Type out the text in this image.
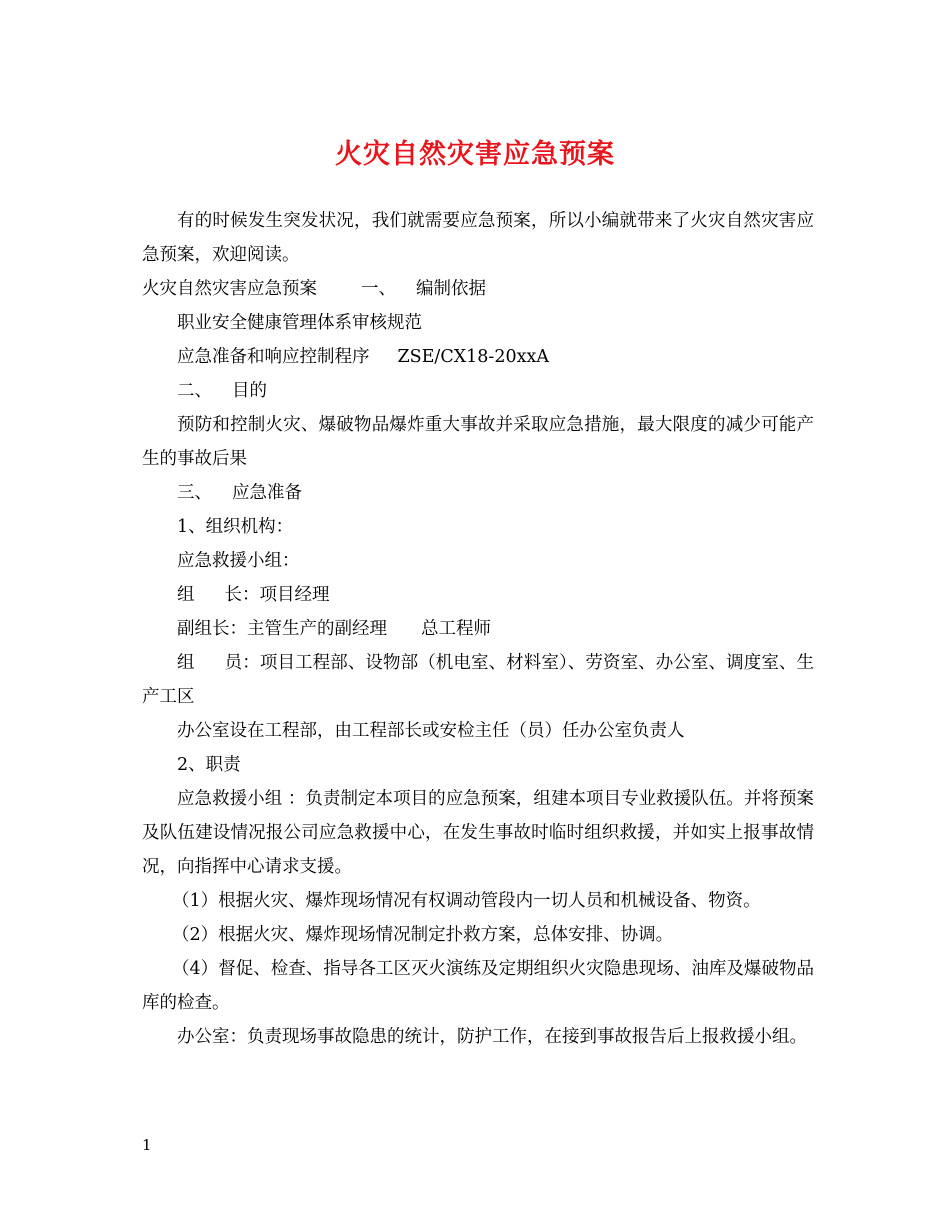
火灾自然灾害应急预案

有的时候发生突发状况，我们就需要应急预案，所以小编就带来了火灾自然灾害应急预案，欢迎阅读。

火灾自然灾害应急预案	一、 编制依据

职业安全健康管理体系审核规范

应急准备和响应控制程序 ZSE/CX18-20xxA

二、 目的

预防和控制火灾、爆破物品爆炸重大事故并采取应急措施，最大限度的减少可能产生的事故后果

三、 应急准备

1、组织机构：

应急救援小组：

组 长：项目经理

副组长：主管生产的副经理 总工程师

组 员：项目工程部、设物部（机电室、材料室）、劳资室、办公室、调度室、生产工区

办公室设在工程部，由工程部长或安检主任（员）任办公室负责人

2、职责

应急救援小组 ：负责制定本项目的应急预案，组建本项目专业救援队伍。并将预案及队伍建设情况报公司应急救援中心，在发生事故时临时组织救援，并如实上报事故情况，向指挥中心请求支援。

（1）根据火灾、爆炸现场情况有权调动管段内一切人员和机械设备、物资。

（2）根据火灾、爆炸现场情况制定扑救方案，总体安排、协调。

（4）督促、检查、指导各工区灭火演练及定期组织火灾隐患现场、油库及爆破物品库的检查。

办公室：负责现场事故隐患的统计，防护工作，在接到事故报告后上报救援小组。

1
